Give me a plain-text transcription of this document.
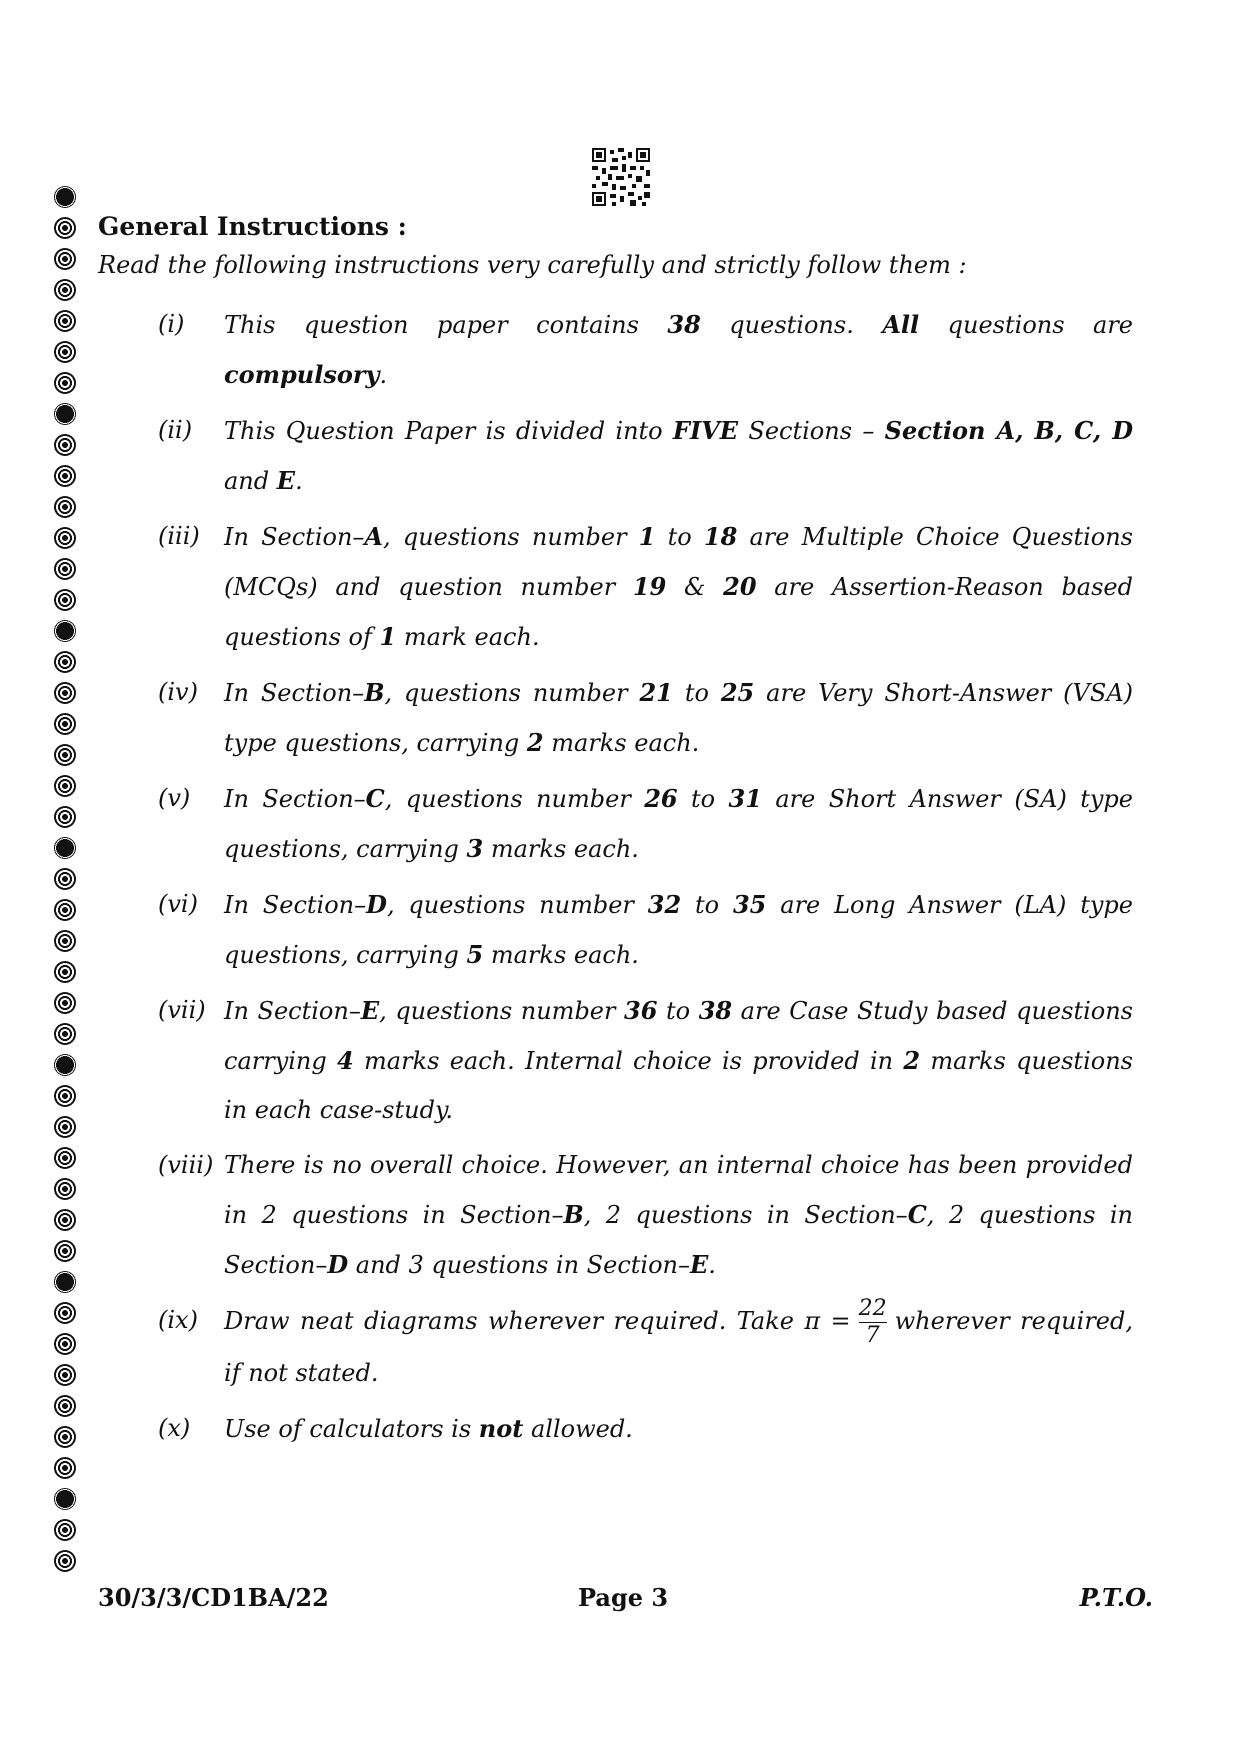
General Instructions :
Read the following instructions very carefully and strictly follow them :
(i)	This question paper contains 38 questions. All questions are compulsory.
(ii)	This Question Paper is divided into FIVE Sections – Section A, B, C, D and E.
(iii)	In Section–A, questions number 1 to 18 are Multiple Choice Questions (MCQs) and question number 19 & 20 are Assertion-Reason based questions of 1 mark each.
(iv)	In Section–B, questions number 21 to 25 are Very Short-Answer (VSA) type questions, carrying 2 marks each.
(v)	In Section–C, questions number 26 to 31 are Short Answer (SA) type questions, carrying 3 marks each.
(vi)	In Section–D, questions number 32 to 35 are Long Answer (LA) type questions, carrying 5 marks each.
(vii) In Section–E, questions number 36 to 38 are Case Study based questions carrying 4 marks each. Internal choice is provided in 2 marks questions in each case-study.
(viii) There is no overall choice. However, an internal choice has been provided in 2 questions in Section–B, 2 questions in Section–C, 2 questions in Section–D and 3 questions in Section–E.
(ix)	Draw neat diagrams wherever required. Take $\pi = \frac{22}{7}$ wherever required, if not stated.
(x)	Use of calculators is not allowed.
30/3/3/CD1BA/22	Page 3	P.T.O.
